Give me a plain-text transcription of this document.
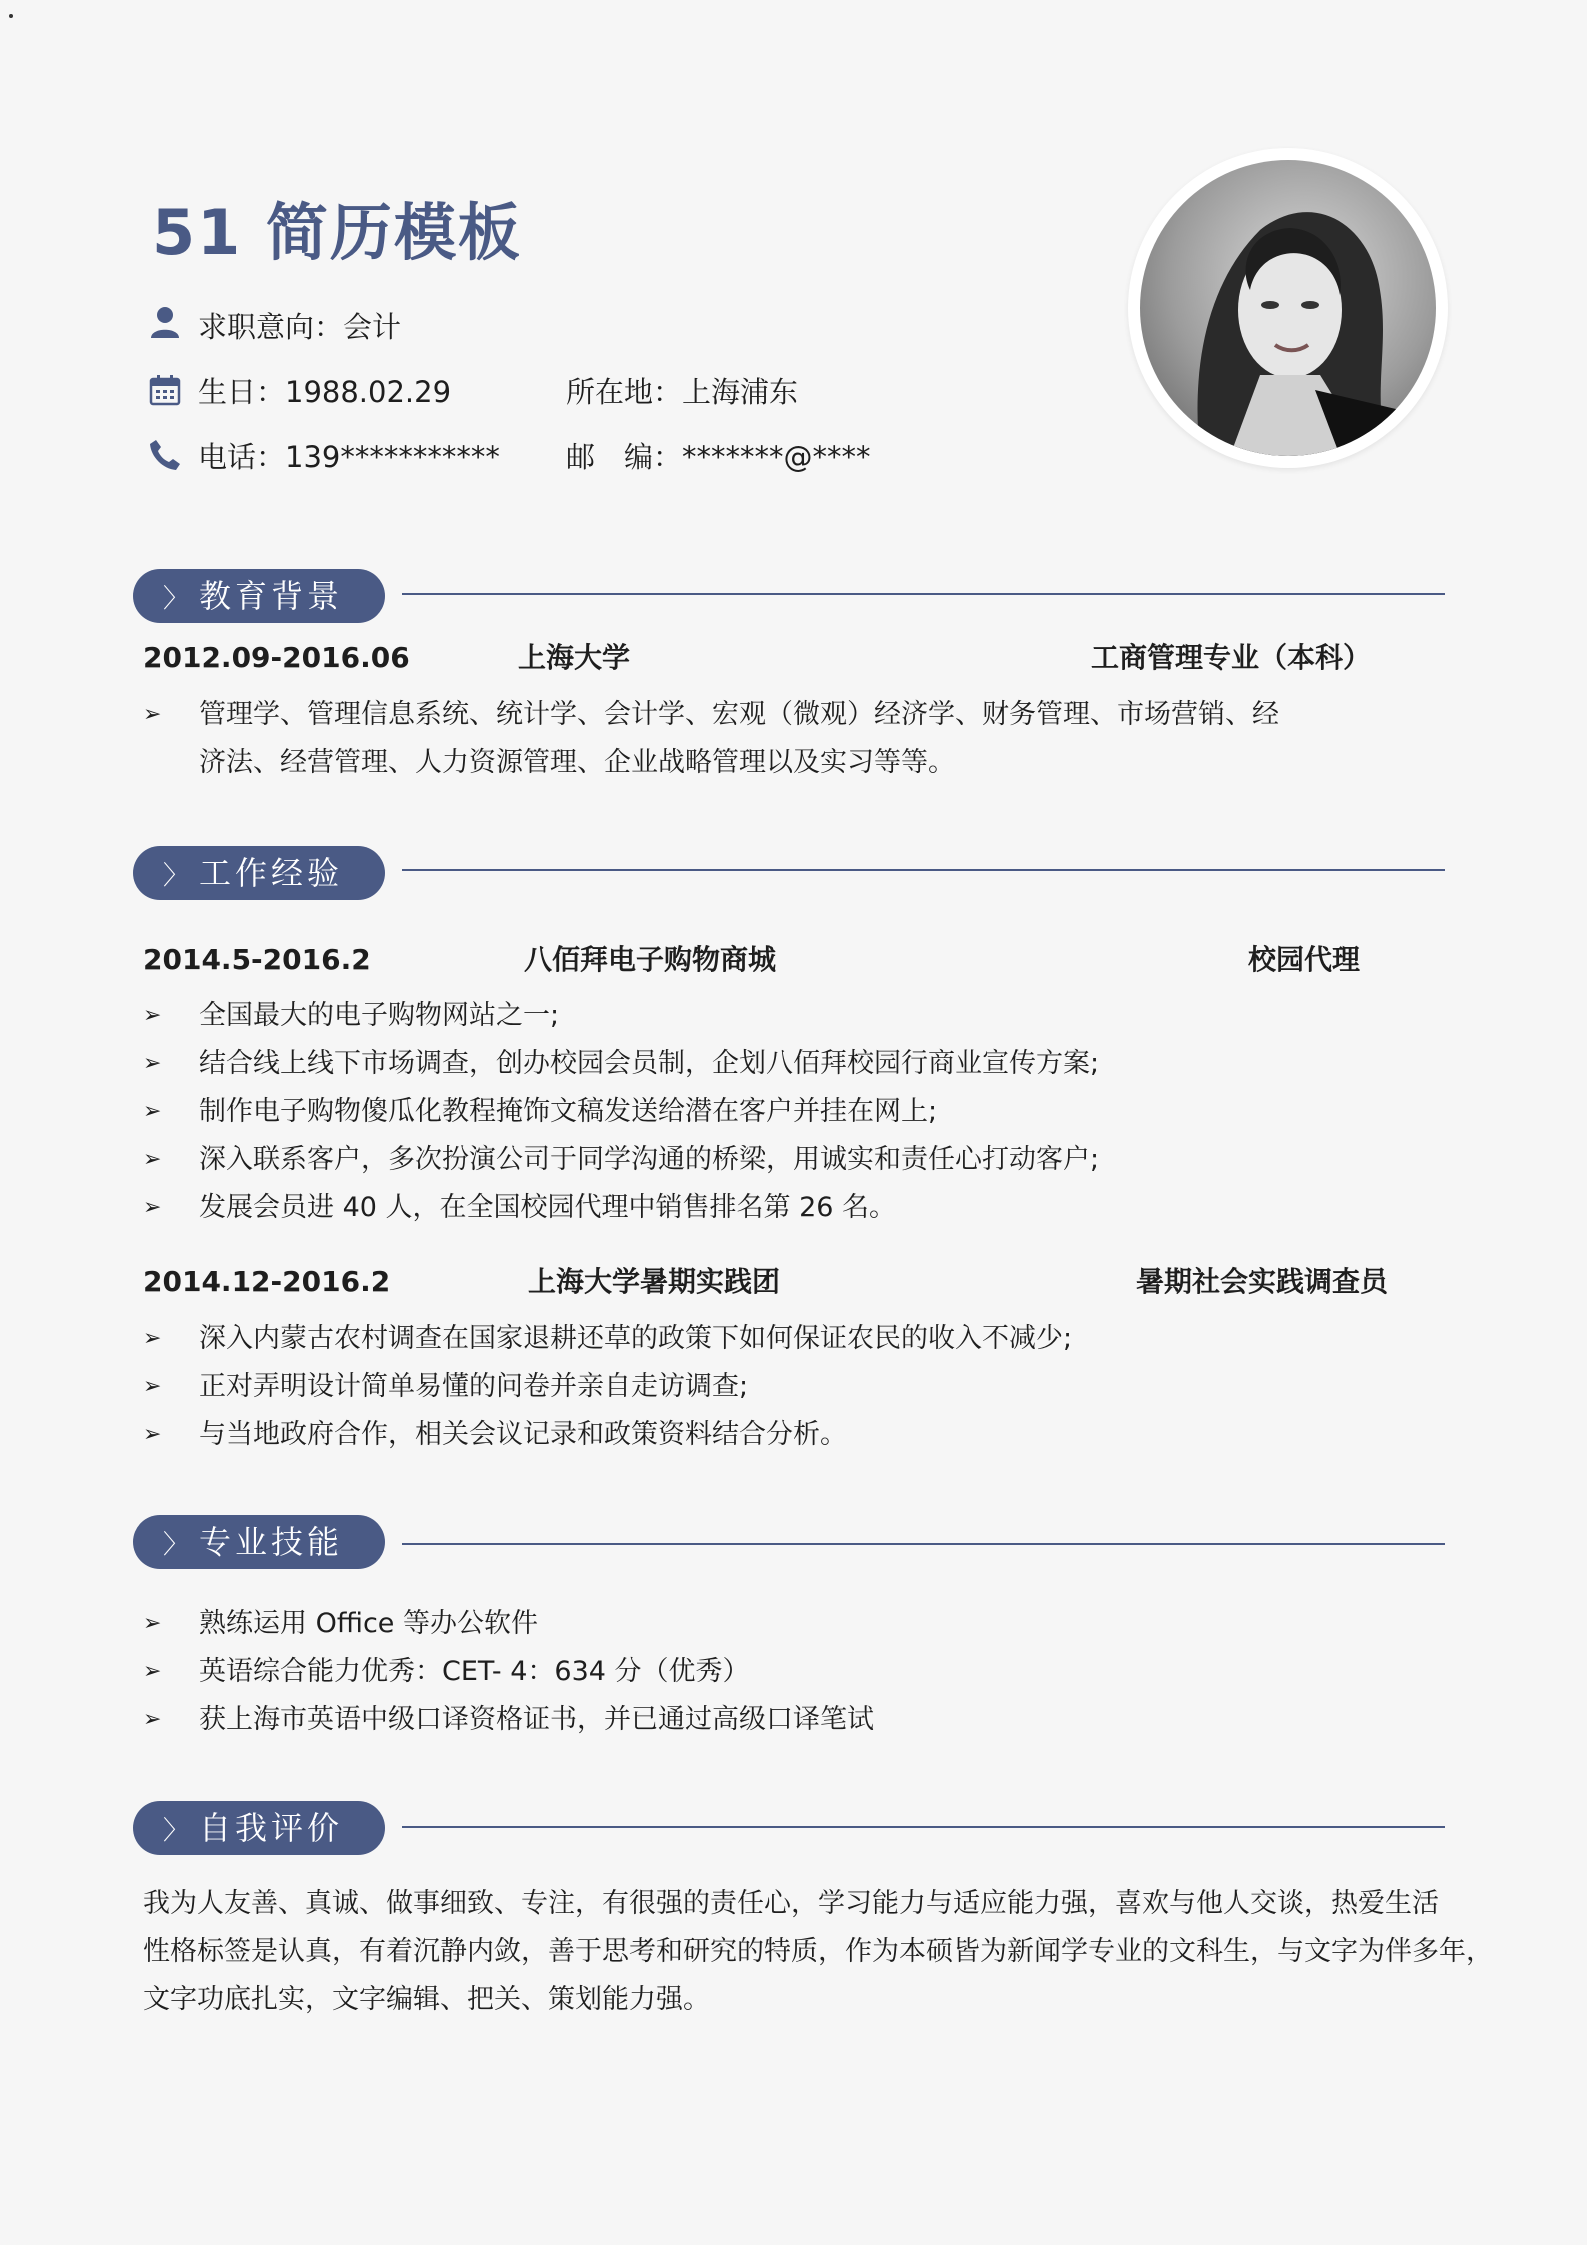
51 简历模板
求职意向：会计
生日：1988.02.29	所在地：上海浦东
电话：139*********** 邮　编：*******@****
〉 教育背景
2012.09-2016.06	上海大学	工商管理专业（本科）
➢ 管理学、管理信息系统、统计学、会计学、宏观（微观）经济学、财务管理、市场营销、经
济法、经营管理、人力资源管理、企业战略管理以及实习等等。
〉 工作经验
2014.5-2016.2	八佰拜电子购物商城	校园代理
➢ 全国最大的电子购物网站之一;
➢ 结合线上线下市场调查，创办校园会员制，企划八佰拜校园行商业宣传方案;
➢ 制作电子购物傻瓜化教程掩饰文稿发送给潜在客户并挂在网上;
➢ 深入联系客户，多次扮演公司于同学沟通的桥梁，用诚实和责任心打动客户;
➢ 发展会员进 40 人，在全国校园代理中销售排名第 26 名。
2014.12-2016.2	上海大学暑期实践团	暑期社会实践调查员
➢ 深入内蒙古农村调查在国家退耕还草的政策下如何保证农民的收入不减少;
➢ 正对弄明设计简单易懂的问卷并亲自走访调查;
➢ 与当地政府合作，相关会议记录和政策资料结合分析。
〉 专业技能
➢ 熟练运用 Office 等办公软件
➢ 英语综合能力优秀：CET- 4：634 分（优秀）
➢ 获上海市英语中级口译资格证书，并已通过高级口译笔试
〉 自我评价

我为人友善、真诚、做事细致、专注，有很强的责任心，学习能力与适应能力强，喜欢与他人交谈，热爱生活

性格标签是认真，有着沉静内敛，善于思考和研究的特质，作为本硕皆为新闻学专业的文科生，与文字为伴多年，

文字功底扎实，文字编辑、把关、策划能力强。
